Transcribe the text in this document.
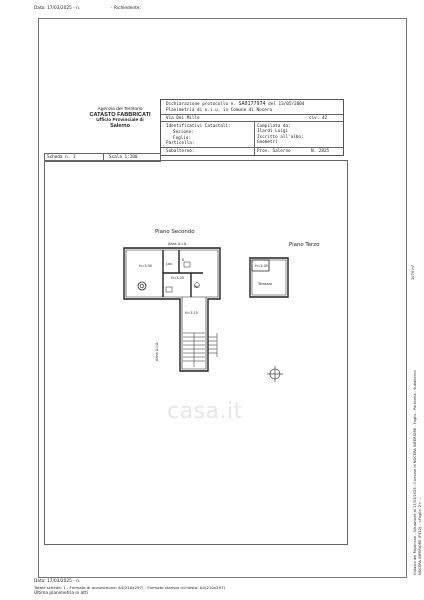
Data: 17/03/2025 - n.	- Richiedente:
Agenzia del Territorio
CATASTO FABBRICATI
Ufficio Provinciale di
Salerno
Dichiarazione protocollo n. SA0177974 del 13/05/2004
Planimetria di u.i.u. in Comune di Nocera
Via Dei Mille	civ. 42
Identificativi Catastali:
Sezione:
Foglio:
Particella:
Subalterno:
Compilata da:
Ilardi Luigi
Iscritto all'albo:
Geometri
Prov. Salerno	N. 2825
Scheda n. 1	Scala 1:200
Piano Secondo
Altra U.I.U.
H=3.00	Lav.
K
H=3.00
WC
H=3.15
Altra U.I.U.
Piano Terzo
H=2.00
Terrazzo
casa.it	Catasto dei Fabbricati - Situazione al 17/03/2025 - Comune di NOCERA INFERIORE - Foglio - Particella - Subalterno NOCERA INFERIORE (F912) - <Foglio: 2> ...
1079 m²
Data: 17/03/2025 - n.
Totale schede: 1 - Formato di acquisizione: A4(210x297) - Formato stampa richiesto: A4(210x297)
Ultima planimetria in atti
